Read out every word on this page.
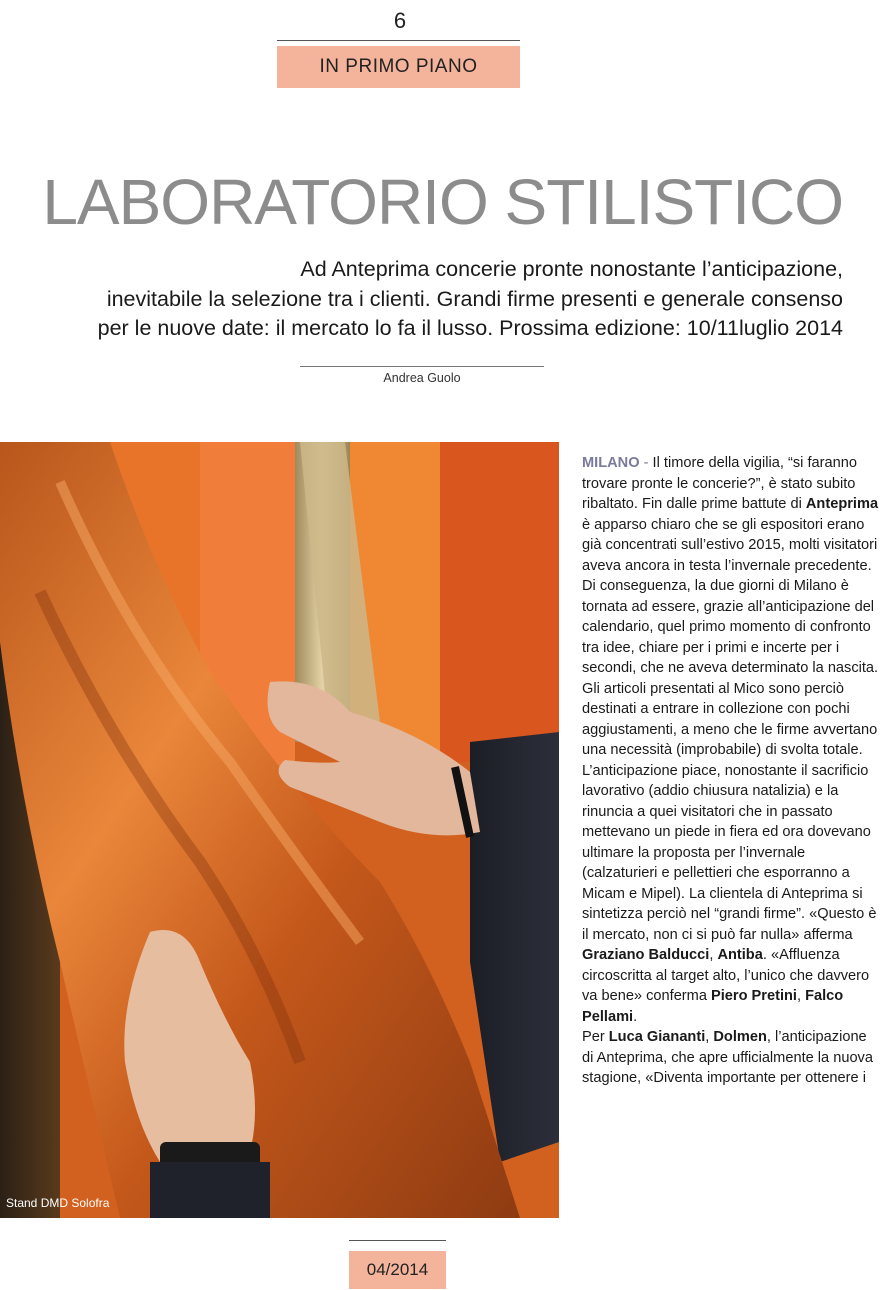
6
IN PRIMO PIANO
LABORATORIO STILISTICO
Ad Anteprima concerie pronte nonostante l’anticipazione,
inevitabile la selezione tra i clienti. Grandi firme presenti e generale consenso
per le nuove date: il mercato lo fa il lusso. Prossima edizione: 10/11luglio 2014
Andrea Guolo
Stand DMD Solofra

MILANO - Il timore della vigilia, “si faranno trovare pronte le concerie?”, è stato subito ribaltato. Fin dalle prime battute di Anteprima è apparso chiaro che se gli espositori erano già concentrati sull’estivo 2015, molti visitatori aveva ancora in testa l’invernale precedente. Di conseguenza, la due giorni di Milano è tornata ad essere, grazie all’anticipazione del calendario, quel primo momento di confronto tra idee, chiare per i primi e incerte per i secondi, che ne aveva determinato la nascita. Gli articoli presentati al Mico sono perciò destinati a entrare in collezione con pochi aggiustamenti, a meno che le firme avvertano una necessità (improbabile) di svolta totale.

L’anticipazione piace, nonostante il sacrificio lavorativo (addio chiusura natalizia) e la rinuncia a quei visitatori che in passato mettevano un piede in fiera ed ora dovevano ultimare la proposta per l’invernale (calzaturieri e pellettieri che esporranno a Micam e Mipel). La clientela di Anteprima si sintetizza perciò nel “grandi firme”. «Questo è il mercato, non ci si può far nulla» afferma Graziano Balducci, Antiba. «Affluenza circoscritta al target alto, l’unico che davvero va bene» conferma Piero Pretini, Falco Pellami.

Per Luca Giananti, Dolmen, l’anticipazione di Anteprima, che apre ufficialmente la nuova stagione, «Diventa importante per ottenere i

04/2014
